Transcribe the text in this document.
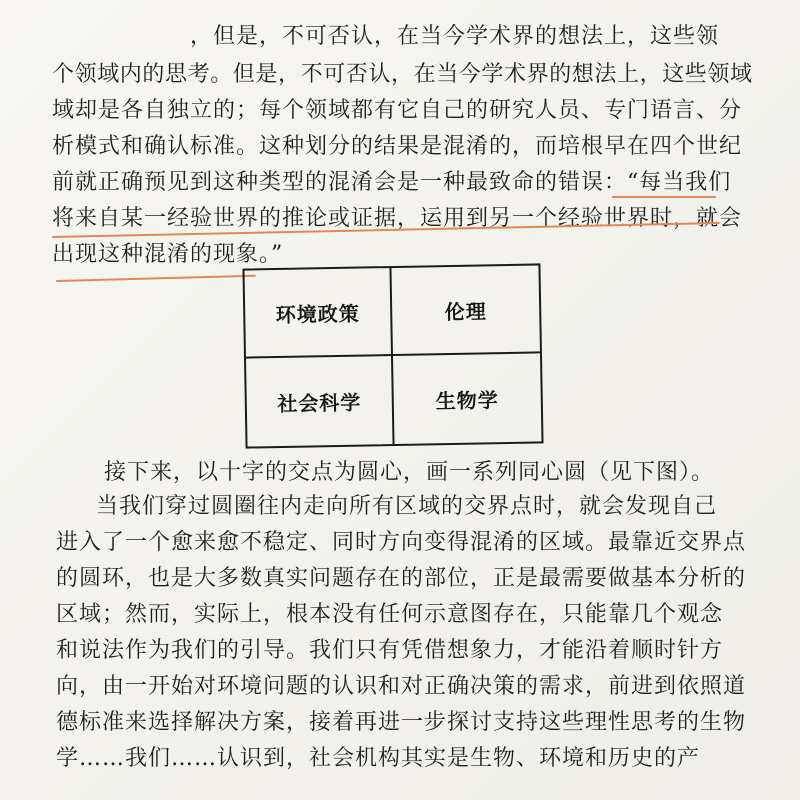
，但是，不可否认，在当今学术界的想法上，这些领
个领域内的思考。但是，不可否认，在当今学术界的想法上，这些领域
域却是各自独立的；每个领域都有它自己的研究人员、专门语言、分
析模式和确认标准。这种划分的结果是混淆的，而培根早在四个世纪
前就正确预见到这种类型的混淆会是一种最致命的错误：“每当我们
将来自某一经验世界的推论或证据，运用到另一个经验世界时，就会
出现这种混淆的现象。”
环境政策	伦理
社会科学	生物学
接下来，以十字的交点为圆心，画一系列同心圆（见下图）。
当我们穿过圆圈往内走向所有区域的交界点时，就会发现自己
进入了一个愈来愈不稳定、同时方向变得混淆的区域。最靠近交界点
的圆环，也是大多数真实问题存在的部位，正是最需要做基本分析的
区域；然而，实际上，根本没有任何示意图存在，只能靠几个观念
和说法作为我们的引导。我们只有凭借想象力，才能沿着顺时针方
向，由一开始对环境问题的认识和对正确决策的需求，前进到依照道
德标准来选择解决方案，接着再进一步探讨支持这些理性思考的生物
学……我们……认识到，社会机构其实是生物、环境和历史的产
